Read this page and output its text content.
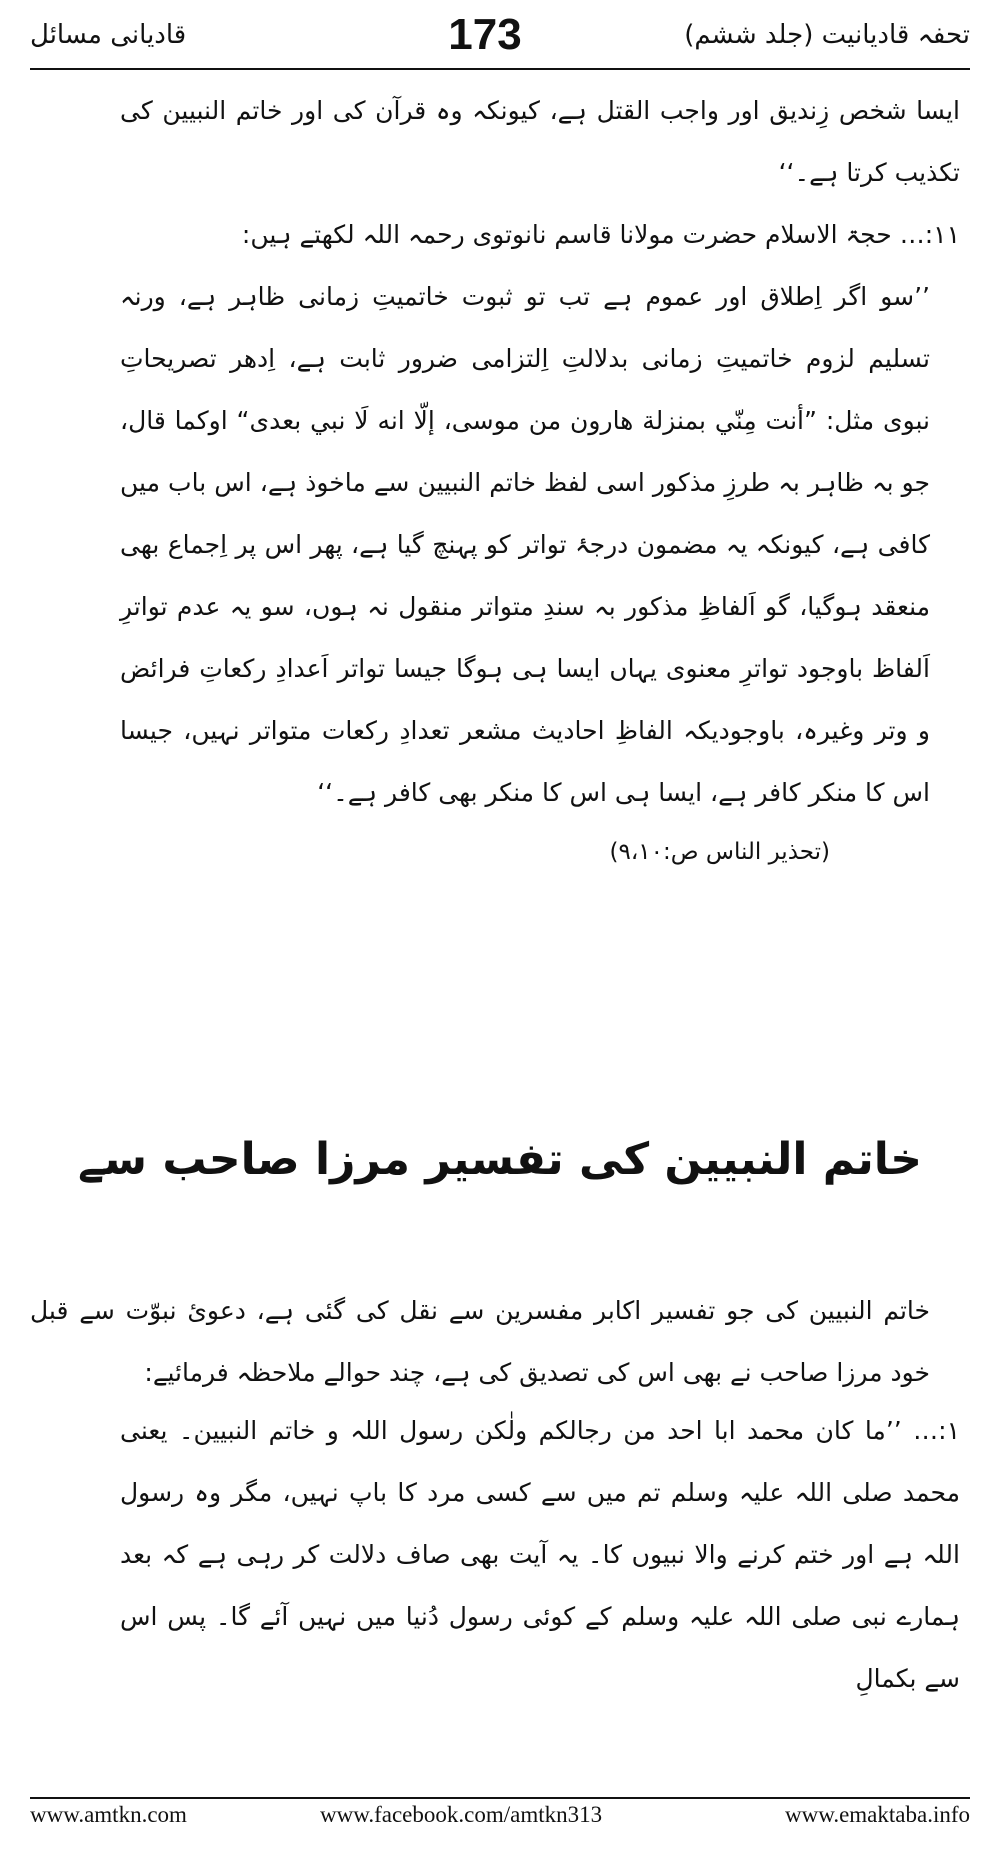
تحفہ قادیانیت (جلد ششم)
173
قادیانی مسائل

ایسا شخص زِندیق اور واجب القتل ہے، کیونکہ وہ قرآن کی اور خاتم النبیین کی تکذیب کرتا ہے۔‘‘

۱۱:… حجۃ الاسلام حضرت مولانا قاسم نانوتوی رحمہ اللہ لکھتے ہیں:

’’سو اگر اِطلاق اور عموم ہے تب تو ثبوت خاتمیتِ زمانی ظاہر ہے، ورنہ تسلیم لزوم خاتمیتِ زمانی بدلالتِ اِلتزامی ضرور ثابت ہے، اِدھر تصریحاتِ نبوی مثل: ”أنت مِنّي بمنزلة هارون من موسى، إلّا انه لَا نبي بعدی“ اوکما قال، جو بہ ظاہر بہ طرزِ مذکور اسی لفظ خاتم النبیین سے ماخوذ ہے، اس باب میں کافی ہے، کیونکہ یہ مضمون درجۂ تواتر کو پہنچ گیا ہے، پھر اس پر اِجماع بھی منعقد ہوگیا، گو اَلفاظِ مذکور بہ سندِ متواتر منقول نہ ہوں، سو یہ عدم تواترِ اَلفاظ باوجود تواترِ معنوی یہاں ایسا ہی ہوگا جیسا تواتر اَعدادِ رکعاتِ فرائض و وتر وغیرہ، باوجودیکہ الفاظِ احادیث مشعر تعدادِ رکعات متواتر نہیں، جیسا اس کا منکر کافر ہے، ایسا ہی اس کا منکر بھی کافر ہے۔‘‘

(تحذیر الناس ص:۹،۱۰)

خاتم النبیین کی تفسیر مرزا صاحب سے

خاتم النبیین کی جو تفسیر اکابر مفسرین سے نقل کی گئی ہے، دعویٔ نبوّت سے قبل خود مرزا صاحب نے بھی اس کی تصدیق کی ہے، چند حوالے ملاحظہ فرمائیے:

۱:… ’’ما کان محمد ابا احد من رجالکم ولٰکن رسول اللہ و خاتم النبیین۔ یعنی محمد صلی اللہ علیہ وسلم تم میں سے کسی مرد کا باپ نہیں، مگر وہ رسول اللہ ہے اور ختم کرنے والا نبیوں کا۔ یہ آیت بھی صاف دلالت کر رہی ہے کہ بعد ہمارے نبی صلی اللہ علیہ وسلم کے کوئی رسول دُنیا میں نہیں آئے گا۔ پس اس سے بکمالِ

www.amtkn.com	www.facebook.com/amtkn313	www.emaktaba.info
